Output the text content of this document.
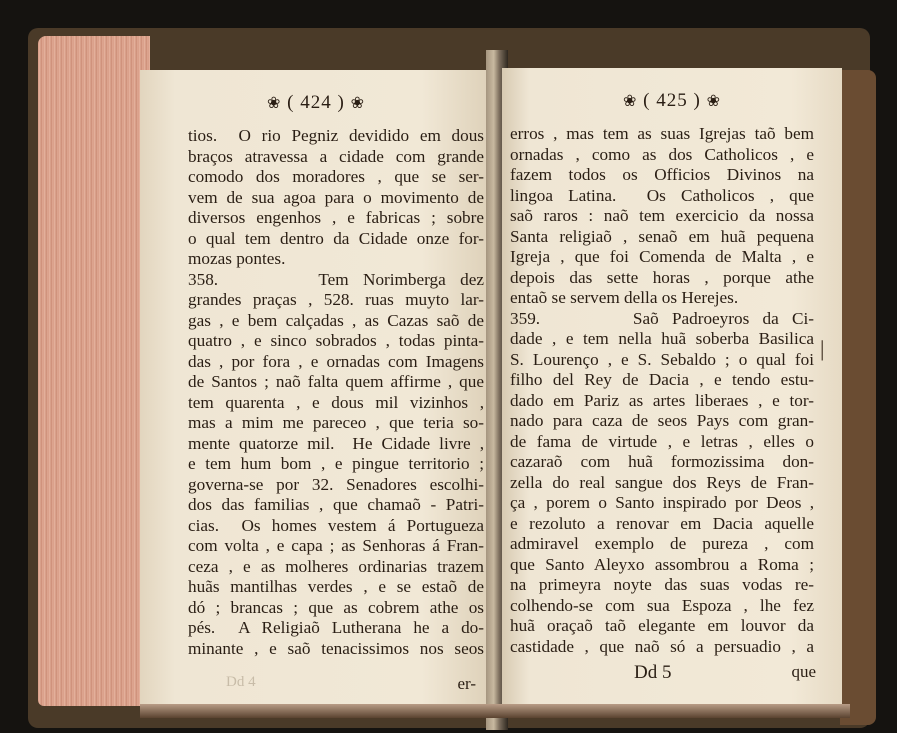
❀ ( 424 ) ❀
tios.  O rio Pegniz devidido em dous
braços atravessa a cidade com grande
comodo dos moradores , que se ser-
vem de sua agoa para o movimento de
diversos engenhos , e fabricas ; sobre
o qual tem dentro da Cidade onze for-
mozas pontes.
358.       Tem Norimberga dez
grandes praças , 528. ruas muyto lar-
gas , e bem calçadas , as Cazas saõ de
quatro , e sinco sobrados , todas pinta-
das , por fora , e ornadas com Imagens
de Santos ; naõ falta quem affirme , que
tem quarenta , e dous mil vizinhos ,
mas a mim me pareceo , que teria so-
mente quatorze mil.  He Cidade livre ,
e tem hum bom , e pingue territorio ;
governa-se por 32. Senadores escolhi-
dos das familias , que chamaõ - Patri-
cias.  Os homes vestem á Portugueza
com volta , e capa ; as Senhoras á Fran-
ceza , e as molheres ordinarias trazem
huãs mantilhas verdes , e se estaõ de
dó ; brancas ; que as cobrem athe os
pés.  A Religiaõ Lutherana he a do-
minante , e saõ tenacissimos nos seos
Dd 4	er-
❀ ( 425 ) ❀
erros , mas tem as suas Igrejas taõ bem
ornadas , como as dos Catholicos , e
fazem todos os Officios Divinos na
lingoa Latina.  Os Catholicos , que
saõ raros : naõ tem exercicio da nossa
Santa religiaõ , senaõ em huã pequena
Igreja , que foi Comenda de Malta , e
depois das sette horas , porque athe
entaõ se servem della os Herejes.
359.       Saõ Padroeyros da Ci-
dade , e tem nella huã soberba Basilica
S. Lourenço , e S. Sebaldo ; o qual foi
filho del Rey de Dacia , e tendo estu-
dado em Pariz as artes liberaes , e tor-
nado para caza de seos Pays com gran-
de fama de virtude , e letras , elles o
cazaraõ com huã formozissima don-
zella do real sangue dos Reys de Fran-
ça , porem o Santo inspirado por Deos ,
e rezoluto a renovar em Dacia aquelle
admiravel exemplo de pureza , com
que Santo Aleyxo assombrou a Roma ;
na primeyra noyte das suas vodas re-
colhendo-se com sua Espoza , lhe fez
huã oraçaõ taõ elegante em louvor da
castidade , que naõ só a persuadio , a
|
Dd 5	que
